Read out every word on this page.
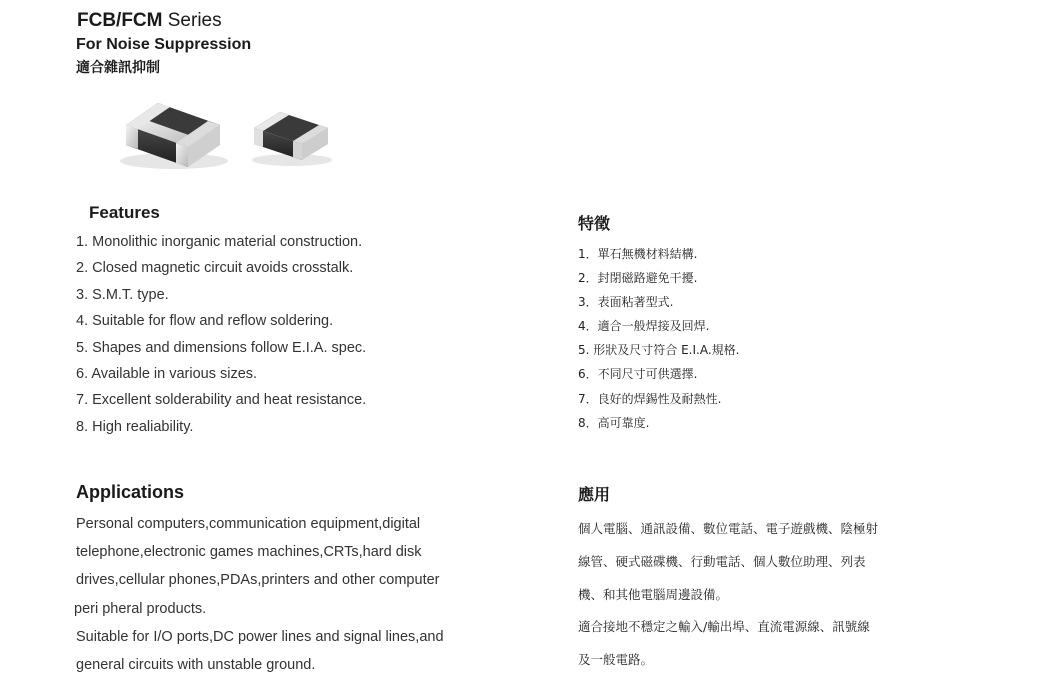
FCB/FCM Series
For Noise Suppression
適合雜訊抑制
Features
1. Monolithic inorganic material construction.
2. Closed magnetic circuit avoids crosstalk.
3. S.M.T. type.
4. Suitable for flow and reflow soldering.
5. Shapes and dimensions follow E.I.A. spec.
6. Available in various sizes.
7. Excellent solderability and heat resistance.
8. High realiability.
特徵
1．單石無機材料結構.
2．封閉磁路避免干擾.
3．表面粘著型式.
4．適合一般焊接及回焊.
5. 形狀及尺寸符合 E.I.A.規格.
6．不同尺寸可供選擇.
7．良好的焊錫性及耐熱性.
8．高可靠度.
Applications
Personal computers,communication equipment,digital
telephone,electronic games machines,CRTs,hard disk
drives,cellular phones,PDAs,printers and other computer
peri pheral products.
Suitable for I/O ports,DC power lines and signal lines,and
general circuits with unstable ground.
應用
個人電腦、通訊設備、數位電話、電子遊戲機、陰極射
線管、硬式磁碟機、行動電話、個人數位助理、列表
機、和其他電腦周邊設備。
適合接地不穩定之輸入/輸出埠、直流電源線、訊號線
及一般電路。
